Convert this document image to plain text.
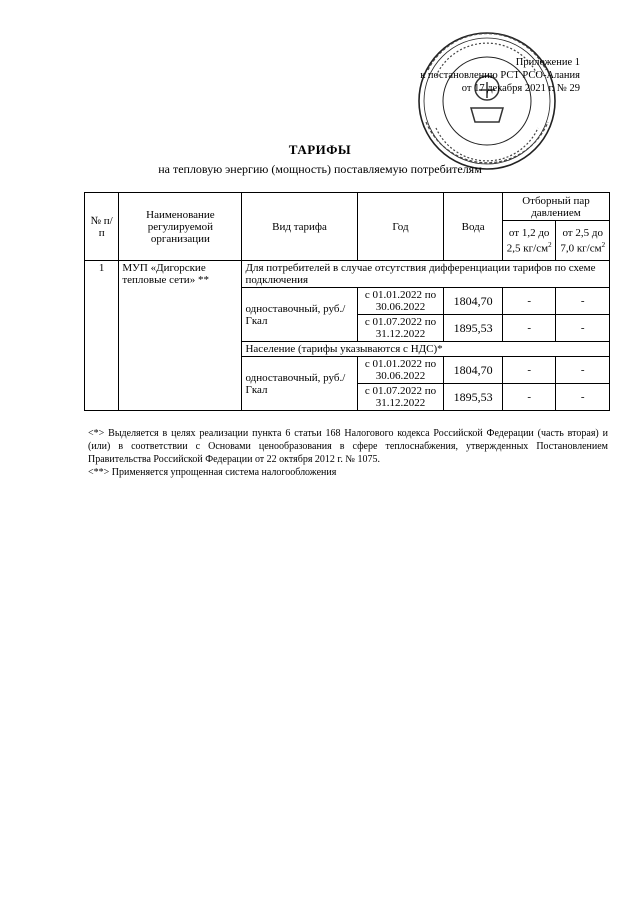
Приложение 1
к постановлению РСТ РСО-Алания
от 17 декабря 2021 г. № 29
ТАРИФЫ
на тепловую энергию (мощность) поставляемую потребителям
№ п/п	Наименование регулируемой организации	Вид тарифа	Год	Вода	Отборный пар давлением	
					от 1,2 до 2,5 $кг/см^2$	от 2,5 до 7,0 $кг/см^2$
1	МУП «Дигорские тепловые сети» **	Для потребителей в случае отсутствия дифференциации тарифов по схеме подключения				
		одноставочный, руб./Гкал	с 01.01.2022 по 30.06.2022	1804,70	-	-
			с 01.07.2022 по 31.12.2022	1895,53	-	-
		Население (тарифы указываются с НДС)*				
		одноставочный, руб./Гкал	с 01.01.2022 по 30.06.2022	1804,70	-	-
			с 01.07.2022 по 31.12.2022	1895,53	-	-
<*> Выделяется в целях реализации пункта 6 статьи 168 Налогового кодекса Российской Федерации (часть вторая) и (или) в соответствии с Основами ценообразования в сфере теплоснабжения, утвержденных Постановлением Правительства Российской Федерации от 22 октября 2012 г. № 1075.
<**> Применяется упрощенная система налогообложения
